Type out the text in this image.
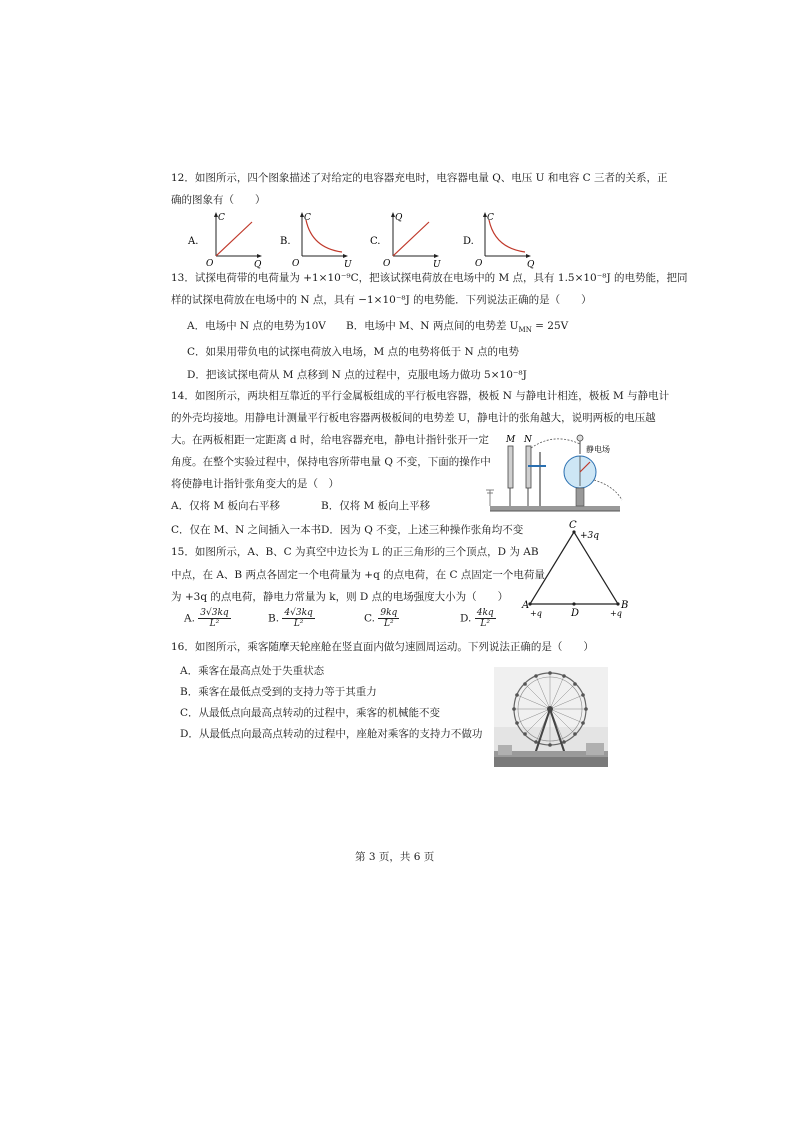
12．如图所示，四个图象描述了对给定的电容器充电时，电容器电量 Q、电压 U 和电容 C 三者的关系，正
确的图象有（　　）
A.
C
Q
O
B.
C
U
O
C.
Q
U
O
D.
C
Q
O
13．试探电荷带的电荷量为 +1×10⁻⁹C，把该试探电荷放在电场中的 M 点，具有 1.5×10⁻⁸J 的电势能，把同
样的试探电荷放在电场中的 N 点，具有 −1×10⁻⁸J 的电势能．下列说法正确的是（　　）
A．电场中 N 点的电势为10V B．电场中 M、N 两点间的电势差 $U_{MN} = 25V$
C．如果用带负电的试探电荷放入电场，M 点的电势将低于 N 点的电势
D．把该试探电荷从 M 点移到 N 点的过程中，克服电场力做功 5×10⁻⁸J
14．如图所示，两块相互靠近的平行金属板组成的平行板电容器，极板 N 与静电计相连，极板 M 与静电计
的外壳均接地。用静电计测量平行板电容器两极板间的电势差 U，静电计的张角越大，说明两板的电压越
大。在两板相距一定距离 d 时，给电容器充电，静电计指针张开一定
角度。在整个实验过程中，保持电容所带电量 Q 不变，下面的操作中
将使静电计指针张角变大的是（　）
A．仅将 M 板向右平移	B．仅将 M 板向上平移
C．仅在 M、N 之间插入一本书 D．因为 Q 不变，上述三种操作张角均不变
M N
静电场
15．如图所示，A、B、C 为真空中边长为 L 的正三角形的三个顶点，D 为 AB
中点，在 A、B 两点各固定一个电荷量为 +q 的点电荷，在 C 点固定一个电荷量
为 +3q 的点电荷，静电力常量为 k，则 D 点的电场强度大小为（　　）
A. $\frac{3√3kq}{\text{L²}}$	B. $\frac{4√3kq}{\text{L²}}$	C. $\frac{9kq}{\text{L²}}$	D. $\frac{4kq}{\text{L²}}$
C
+3q
A
+q
B
+q
D
16．如图所示，乘客随摩天轮座舱在竖直面内做匀速圆周运动。下列说法正确的是（　　）
A．乘客在最高点处于失重状态
B．乘客在最低点受到的支持力等于其重力
C．从最低点向最高点转动的过程中，乘客的机械能不变
D．从最低点向最高点转动的过程中，座舱对乘客的支持力不做功
第 3 页，共 6 页
